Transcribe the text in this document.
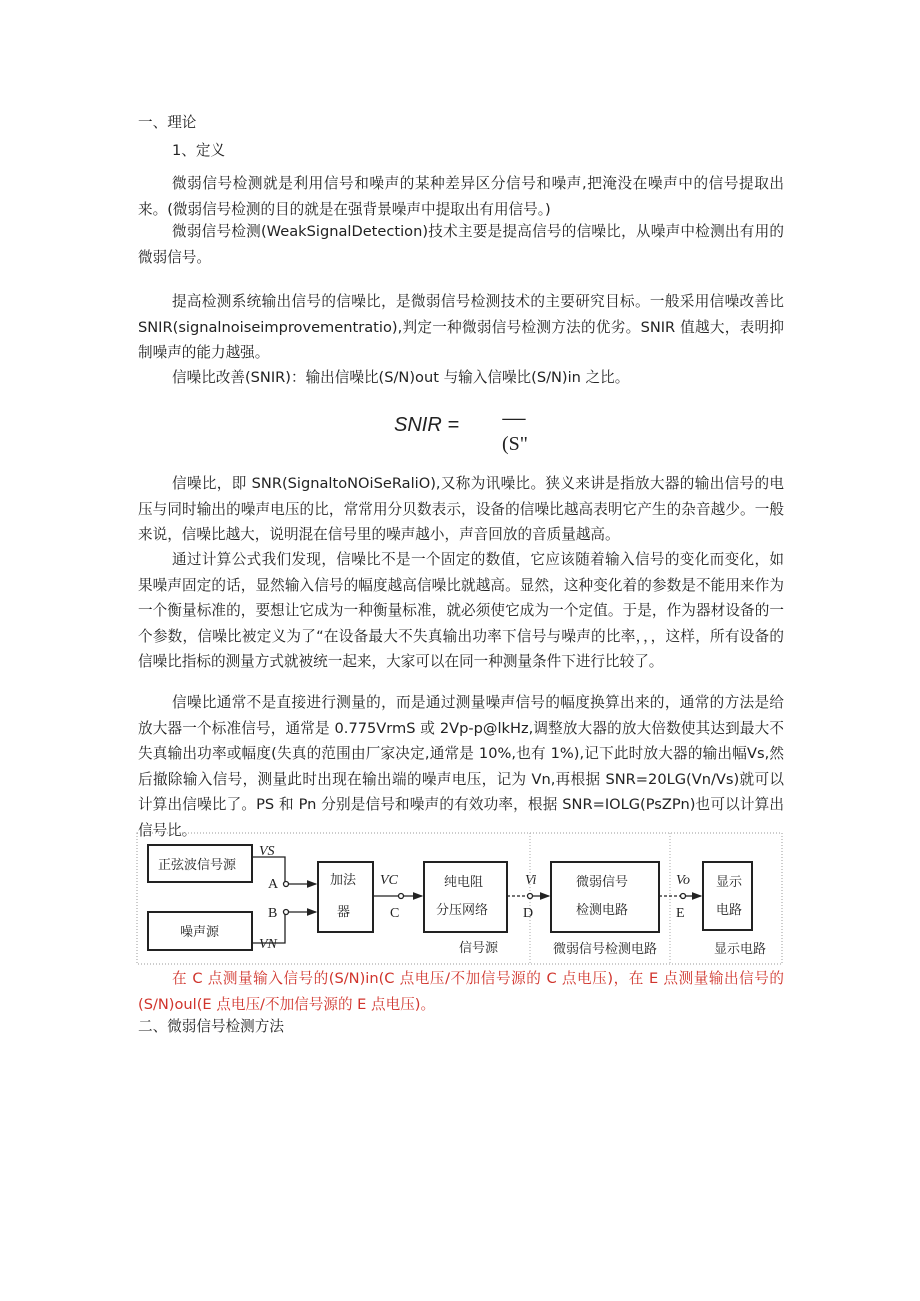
一、理论

1、定义

微弱信号检测就是利用信号和噪声的某种差异区分信号和噪声,把淹没在噪声中的信号提取出来。(微弱信号检测的目的就是在强背景噪声中提取出有用信号。)

微弱信号检测(WeakSignalDetection)技术主要是提高信号的信噪比，从噪声中检测出有用的微弱信号。

提高检测系统输出信号的信噪比，是微弱信号检测技术的主要研究目标。一般采用信噪改善比 SNIR(signalnoiseimprovementratio),判定一种微弱信号检测方法的优劣。SNIR 值越大，表明抑制噪声的能力越强。

信噪比改善(SNIR)：输出信噪比(S/N)out 与输入信噪比(S/N)in 之比。

SNIR = —
(S"

信噪比，即 SNR(SignaltoNOiSeRaliO),又称为讯噪比。狭义来讲是指放大器的输出信号的电压与同时输出的噪声电压的比，常常用分贝数表示，设备的信噪比越高表明它产生的杂音越少。一般来说，信噪比越大，说明混在信号里的噪声越小，声音回放的音质量越高。

通过计算公式我们发现，信噪比不是一个固定的数值，它应该随着输入信号的变化而变化，如果噪声固定的话，显然输入信号的幅度越高信噪比就越高。显然，这种变化着的参数是不能用来作为一个衡量标准的，要想让它成为一种衡量标准，就必须使它成为一个定值。于是，作为器材设备的一个参数，信噪比被定义为了“在设备最大不失真输出功率下信号与噪声的比率，，，这样，所有设备的信噪比指标的测量方式就被统一起来，大家可以在同一种测量条件下进行比较了。

信噪比通常不是直接进行测量的，而是通过测量噪声信号的幅度换算出来的，通常的方法是给放大器一个标准信号，通常是 0.775VrmS 或 2Vp-p@lkHz,调整放大器的放大倍数使其达到最大不失真输出功率或幅度(失真的范围由厂家决定,通常是 10%,也有 1%),记下此时放大器的输出幅Vs,然后撤除输入信号，测量此时出现在输出端的噪声电压，记为 Vn,再根据 SNR=20LG(Vn/Vs)就可以计算出信噪比了。PS 和 Pn 分别是信号和噪声的有效功率，根据 SNR=IOLG(PsZPn)也可以计算出信号比。

正弦波信号源
噪声源
VS
VN
A
B
加法
器
VC
C
纯电阻
分压网络
信号源
Vi
D
微弱信号
检测电路
微弱信号检测电路
Vo
E
显示
电路
显示电路

在 C 点测量输入信号的(S/N)in(C 点电压/不加信号源的 C 点电压)，在 E 点测量输出信号的(S/N)oul(E 点电压/不加信号源的 E 点电压)。

二、微弱信号检测方法
